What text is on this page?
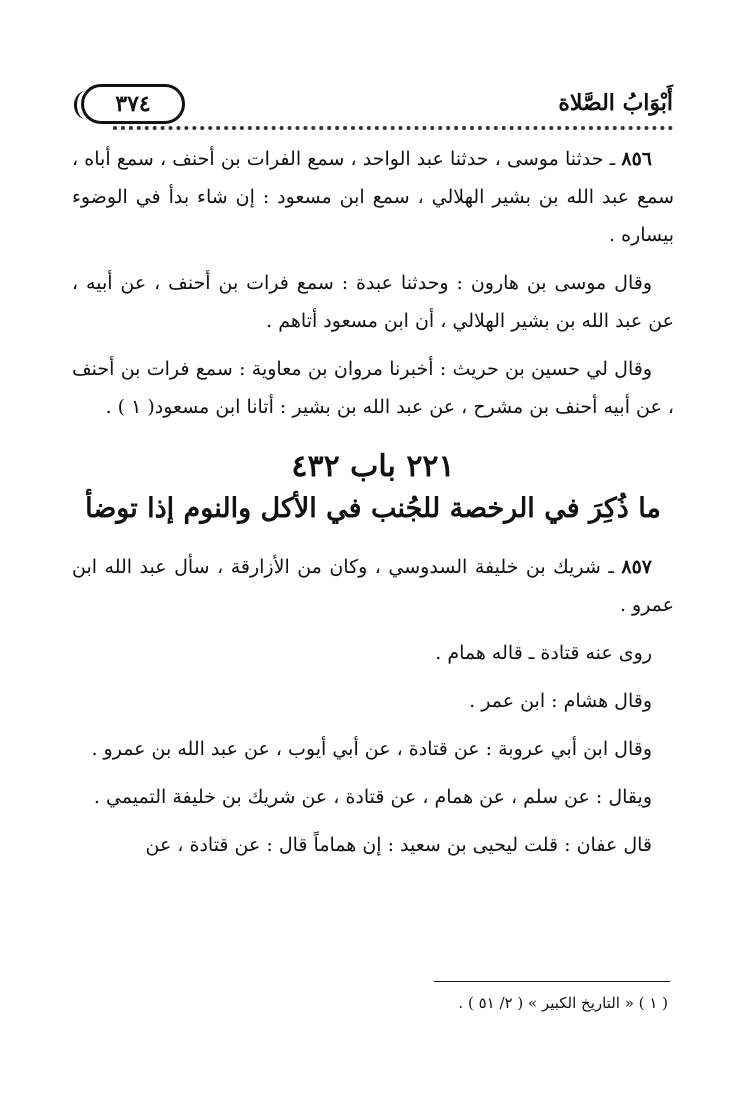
أَبْوَابُ الصَّلاة
٣٧٤

٨٥٦ ـ حدثنا موسى ، حدثنا عبد الواحد ، سمع الفرات بن أحنف ، سمع أباه ، سمع عبد الله بن بشير الهلالي ، سمع ابن مسعود : إن شاء بدأ في الوضوء بيساره .

وقال موسى بن هارون : وحدثنا عبدة : سمع فرات بن أحنف ، عن أبيه ، عن عبد الله بن بشير الهلالي ، أن ابن مسعود أتاهم .

وقال لي حسين بن حريث : أخبرنا مروان بن معاوية : سمع فرات بن أحنف ، عن أبيه أحنف بن مشرح ، عن عبد الله بن بشير : أتانا ابن مسعود( ١ ) .

٢٢١ باب ٤٣٢
ما ذُكِرَ في الرخصة للجُنب في الأكل والنوم إذا توضأ

٨٥٧ ـ شريك بن خليفة السدوسي ، وكان من الأزارقة ، سأل عبد الله ابن عمرو .

روى عنه قتادة ـ قاله همام .

وقال هشام : ابن عمر .

وقال ابن أبي عروبة : عن قتادة ، عن أبي أيوب ، عن عبد الله بن عمرو .

ويقال : عن سلم ، عن همام ، عن قتادة ، عن شريك بن خليفة التميمي .

قال عفان : قلت ليحيى بن سعيد : إن هماماً قال : عن قتادة ، عن

( ١ ) « التاريخ الكبير » ( ٢/ ٥١ ) .
